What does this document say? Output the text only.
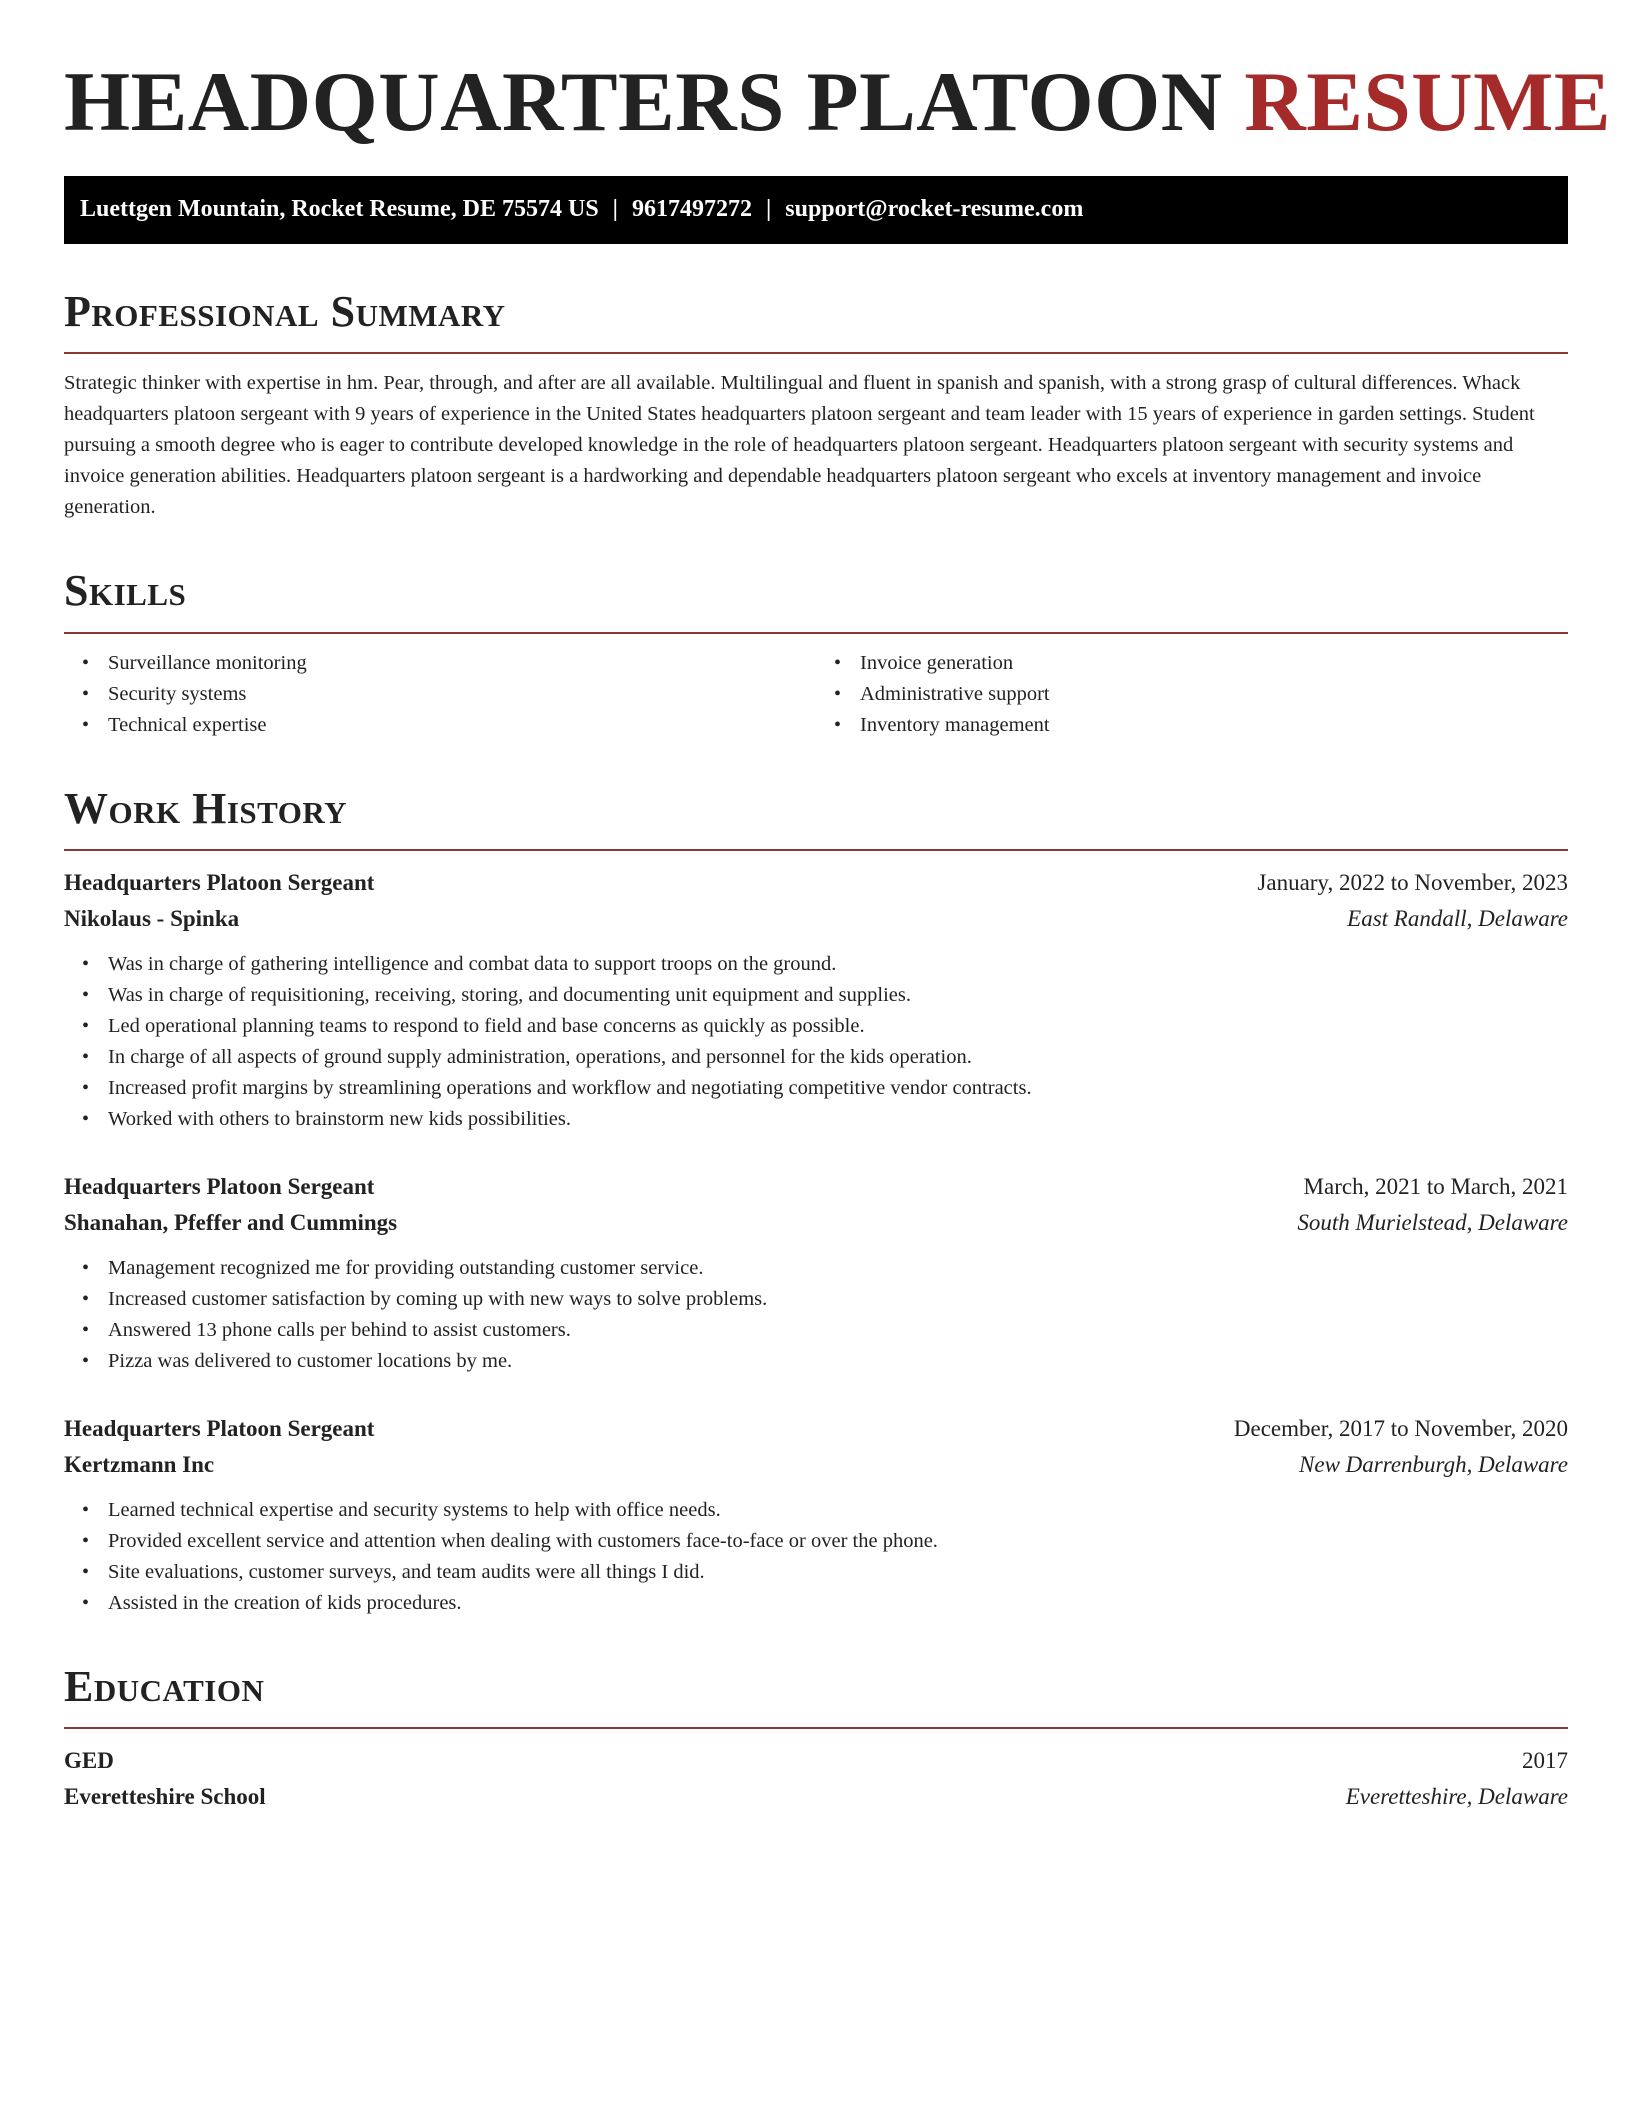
HEADQUARTERS PLATOON RESUME
Luettgen Mountain, Rocket Resume, DE 75574 US | 9617497272 | support@rocket-resume.com
Professional Summary

Strategic thinker with expertise in hm. Pear, through, and after are all available. Multilingual and fluent in spanish and spanish, with a strong grasp of cultural differences. Whack headquarters platoon sergeant with 9 years of experience in the United States headquarters platoon sergeant and team leader with 15 years of experience in garden settings. Student pursuing a smooth degree who is eager to contribute developed knowledge in the role of headquarters platoon sergeant. Headquarters platoon sergeant with security systems and invoice generation abilities. Headquarters platoon sergeant is a hardworking and dependable headquarters platoon sergeant who excels at inventory management and invoice generation.

Skills
• Surveillance monitoring
• Security systems
• Technical expertise
• Invoice generation
• Administrative support
• Inventory management
Work History
Headquarters Platoon Sergeant	January, 2022 to November, 2023
Nikolaus - Spinka	East Randall, Delaware
• Was in charge of gathering intelligence and combat data to support troops on the ground.
• Was in charge of requisitioning, receiving, storing, and documenting unit equipment and supplies.
• Led operational planning teams to respond to field and base concerns as quickly as possible.
• In charge of all aspects of ground supply administration, operations, and personnel for the kids operation.
• Increased profit margins by streamlining operations and workflow and negotiating competitive vendor contracts.
• Worked with others to brainstorm new kids possibilities.
Headquarters Platoon Sergeant	March, 2021 to March, 2021
Shanahan, Pfeffer and Cummings	South Murielstead, Delaware
• Management recognized me for providing outstanding customer service.
• Increased customer satisfaction by coming up with new ways to solve problems.
• Answered 13 phone calls per behind to assist customers.
• Pizza was delivered to customer locations by me.
Headquarters Platoon Sergeant	December, 2017 to November, 2020
Kertzmann Inc	New Darrenburgh, Delaware
• Learned technical expertise and security systems to help with office needs.
• Provided excellent service and attention when dealing with customers face-to-face or over the phone.
• Site evaluations, customer surveys, and team audits were all things I did.
• Assisted in the creation of kids procedures.
Education
GED	2017
Everetteshire School	Everetteshire, Delaware
